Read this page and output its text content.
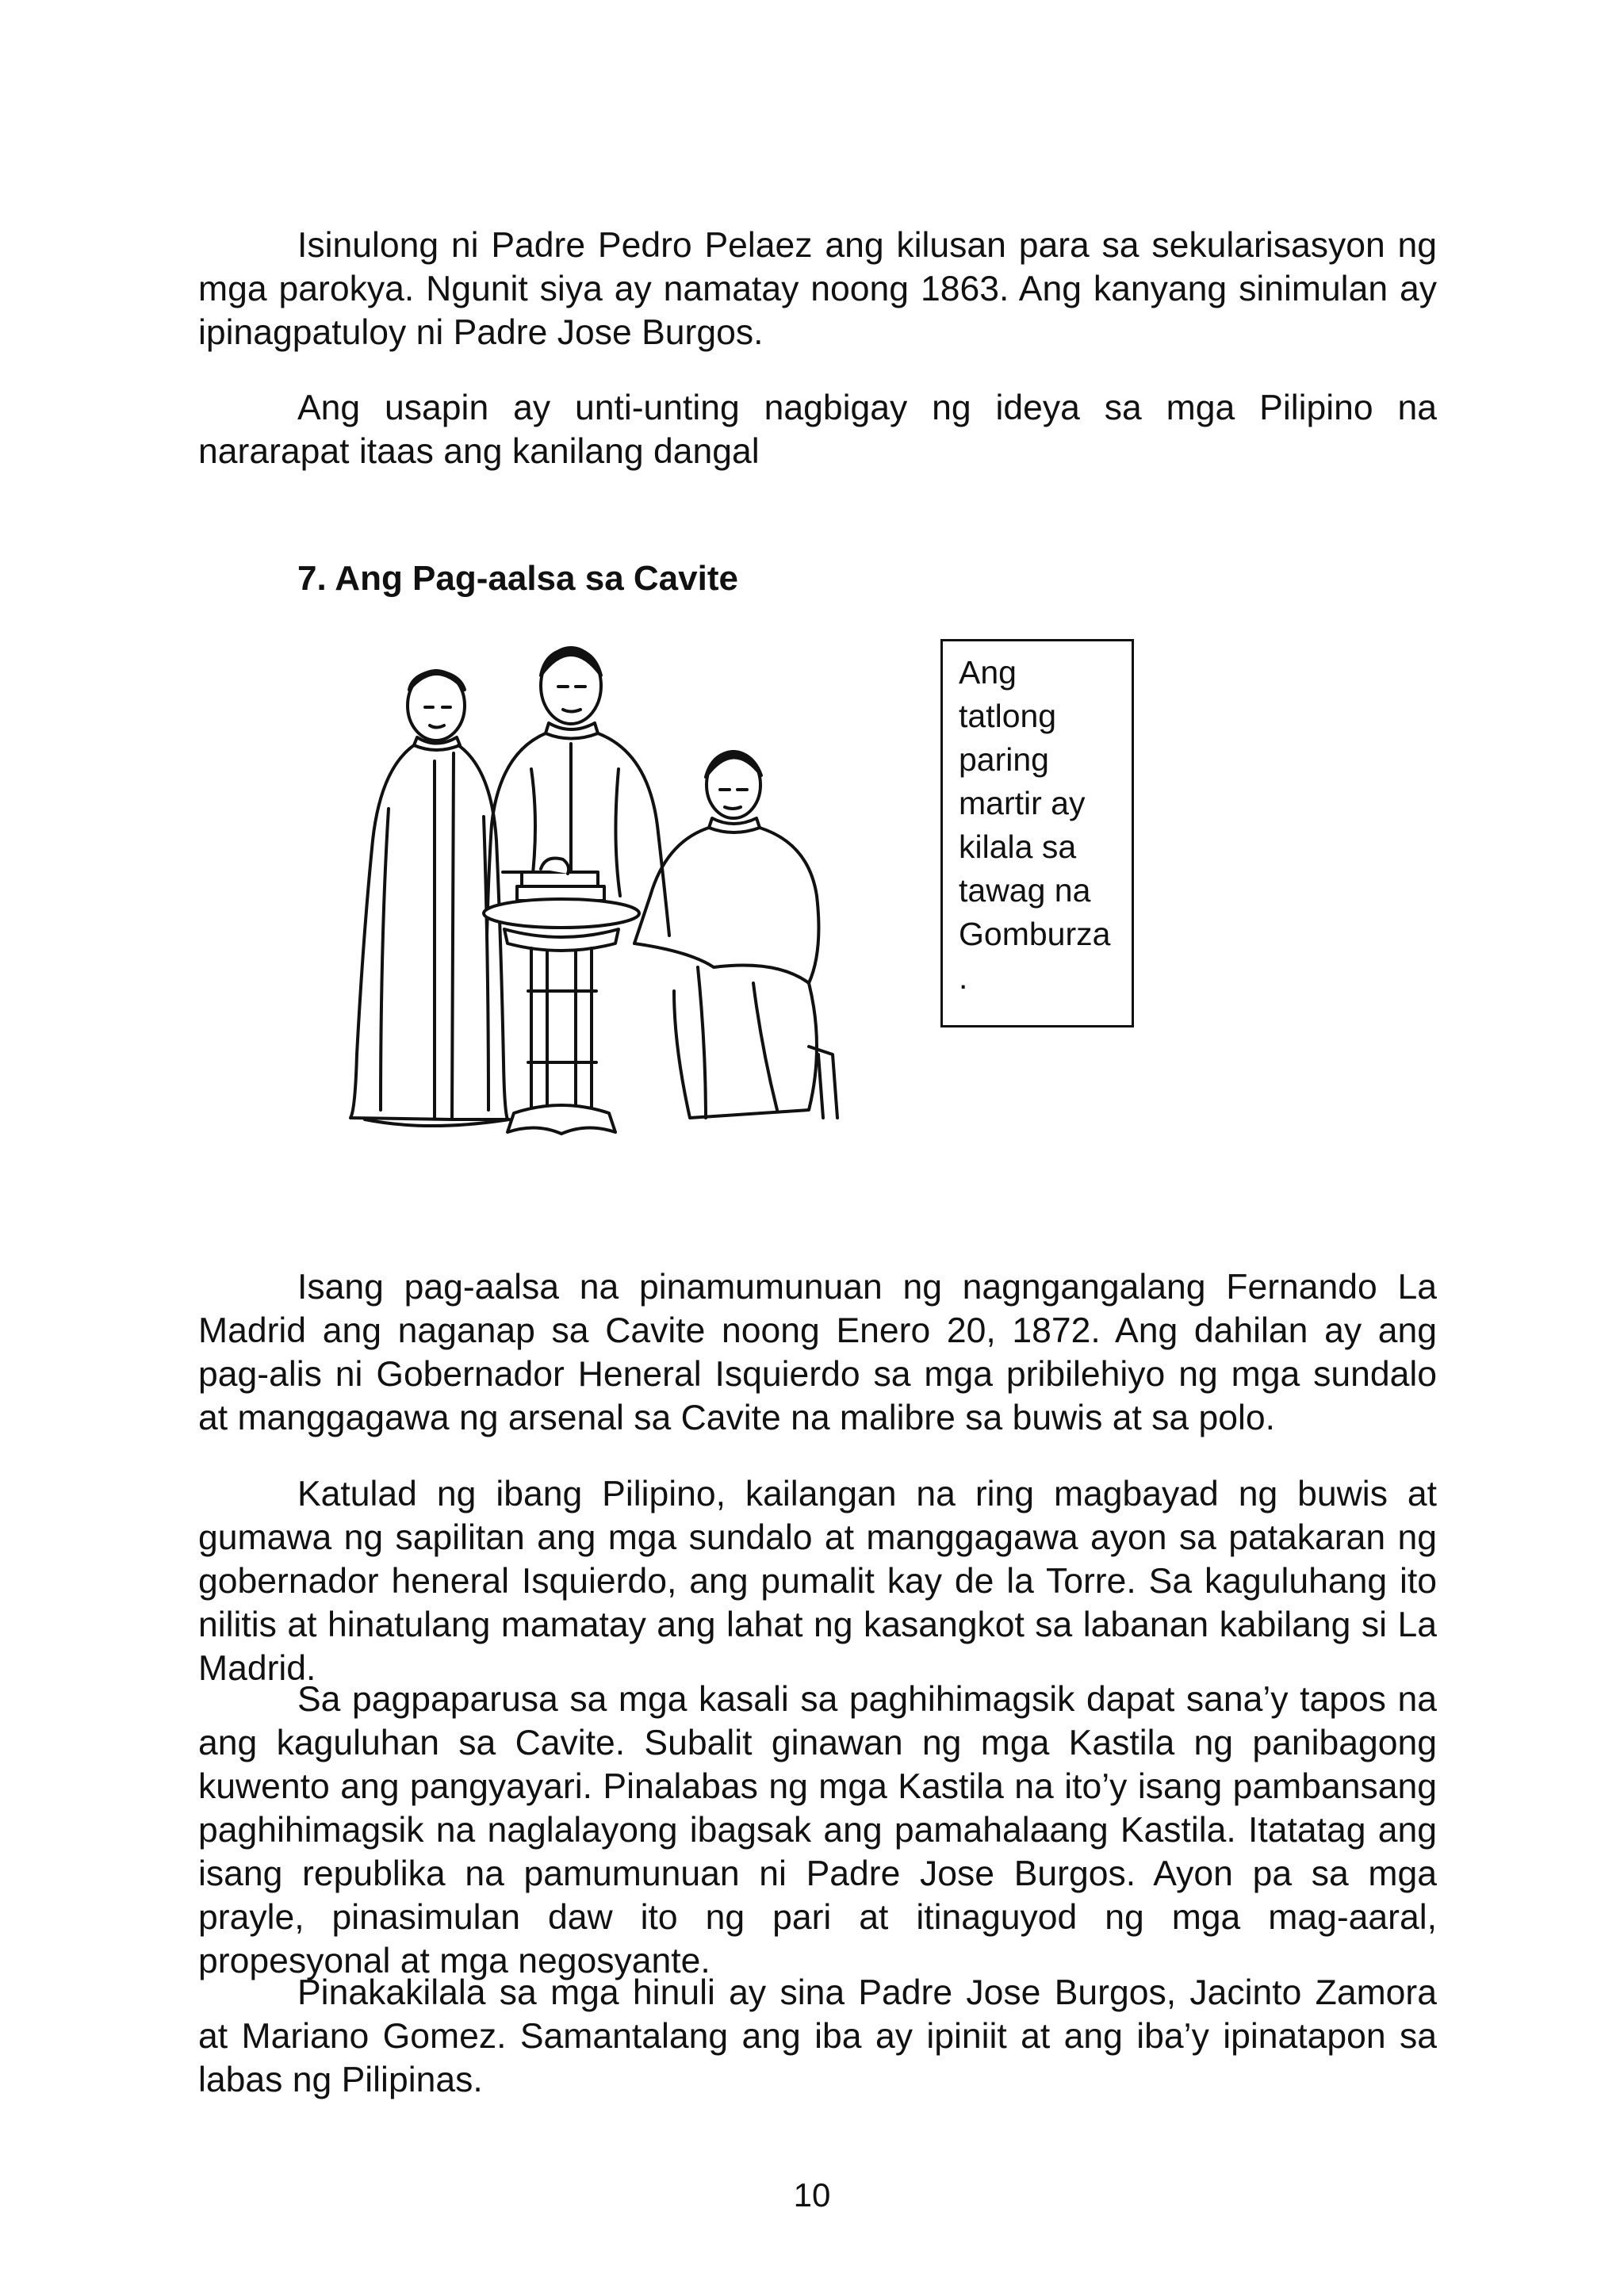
Isinulong ni Padre Pedro Pelaez ang kilusan para sa sekularisasyon ng mga parokya. Ngunit siya ay namatay noong 1863. Ang kanyang sinimulan ay ipinagpatuloy ni Padre Jose Burgos.

Ang usapin ay unti-unting nagbigay ng ideya sa mga Pilipino na nararapat itaas ang kanilang dangal

7. Ang Pag-aalsa sa Cavite
Ang
tatlong
paring
martir ay
kilala sa
tawag na
Gomburza
.

Isang pag-aalsa na pinamumunuan ng nagngangalang Fernando La Madrid ang naganap sa Cavite noong Enero 20, 1872. Ang dahilan ay ang pag-alis ni Gobernador Heneral Isquierdo sa mga pribilehiyo ng mga sundalo at manggagawa ng arsenal sa Cavite na malibre sa buwis at sa polo.

Katulad ng ibang Pilipino, kailangan na ring magbayad ng buwis at gumawa ng sapilitan ang mga sundalo at manggagawa ayon sa patakaran ng gobernador heneral Isquierdo, ang pumalit kay de la Torre. Sa kaguluhang ito nilitis at hinatulang mamatay ang lahat ng kasangkot sa labanan kabilang si La Madrid.

Sa pagpaparusa sa mga kasali sa paghihimagsik dapat sana’y tapos na ang kaguluhan sa Cavite. Subalit ginawan ng mga Kastila ng panibagong kuwento ang pangyayari. Pinalabas ng mga Kastila na ito’y isang pambansang paghihimagsik na naglalayong ibagsak ang pamahalaang Kastila. Itatatag ang isang republika na pamumunuan ni Padre Jose Burgos. Ayon pa sa mga prayle, pinasimulan daw ito ng pari at itinaguyod ng mga mag-aaral, propesyonal at mga negosyante.

Pinakakilala sa mga hinuli ay sina Padre Jose Burgos, Jacinto Zamora at Mariano Gomez. Samantalang ang iba ay ipiniit at ang iba’y ipinatapon sa labas ng Pilipinas.

10
